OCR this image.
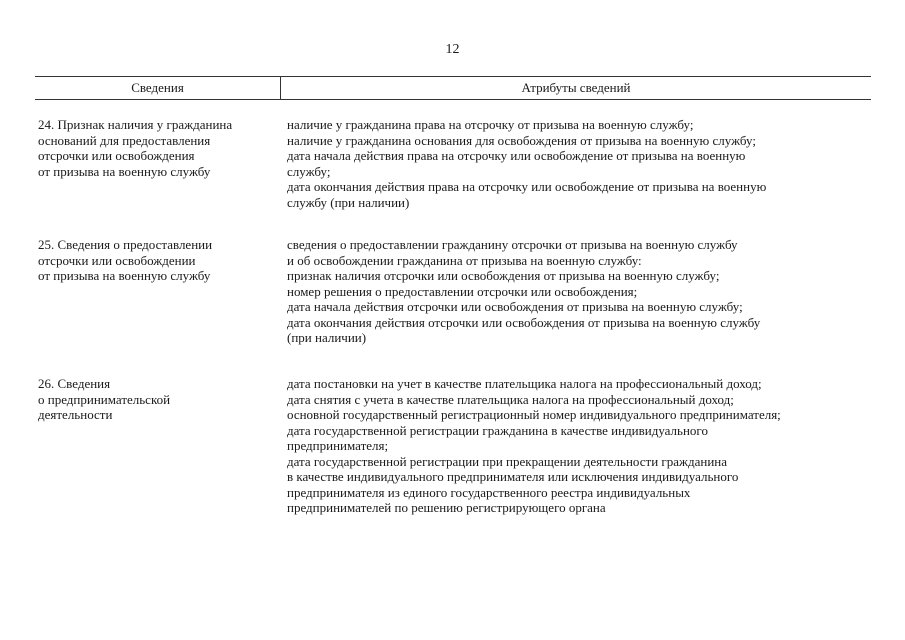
12
Сведения	Атрибуты сведений
24. Признак наличия у гражданина
оснований для предоставления
отсрочки или освобождения
от призыва на военную службу
наличие у гражданина права на отсрочку от призыва на военную службу;
наличие у гражданина основания для освобождения от призыва на военную службу;
дата начала действия права на отсрочку или освобождение от призыва на военную
службу;
дата окончания действия права на отсрочку или освобождение от призыва на военную
службу (при наличии)
25. Сведения о предоставлении
отсрочки или освобождении
от призыва на военную службу
сведения о предоставлении гражданину отсрочки от призыва на военную службу
и об освобождении гражданина от призыва на военную службу:
признак наличия отсрочки или освобождения от призыва на военную службу;
номер решения о предоставлении отсрочки или освобождения;
дата начала действия отсрочки или освобождения от призыва на военную службу;
дата окончания действия отсрочки или освобождения от призыва на военную службу
(при наличии)
26. Сведения
о предпринимательской
деятельности
дата постановки на учет в качестве плательщика налога на профессиональный доход;
дата снятия с учета в качестве плательщика налога на профессиональный доход;
основной государственный регистрационный номер индивидуального предпринимателя;
дата государственной регистрации гражданина в качестве индивидуального
предпринимателя;
дата государственной регистрации при прекращении деятельности гражданина
в качестве индивидуального предпринимателя или исключения индивидуального
предпринимателя из единого государственного реестра индивидуальных
предпринимателей по решению регистрирующего органа
